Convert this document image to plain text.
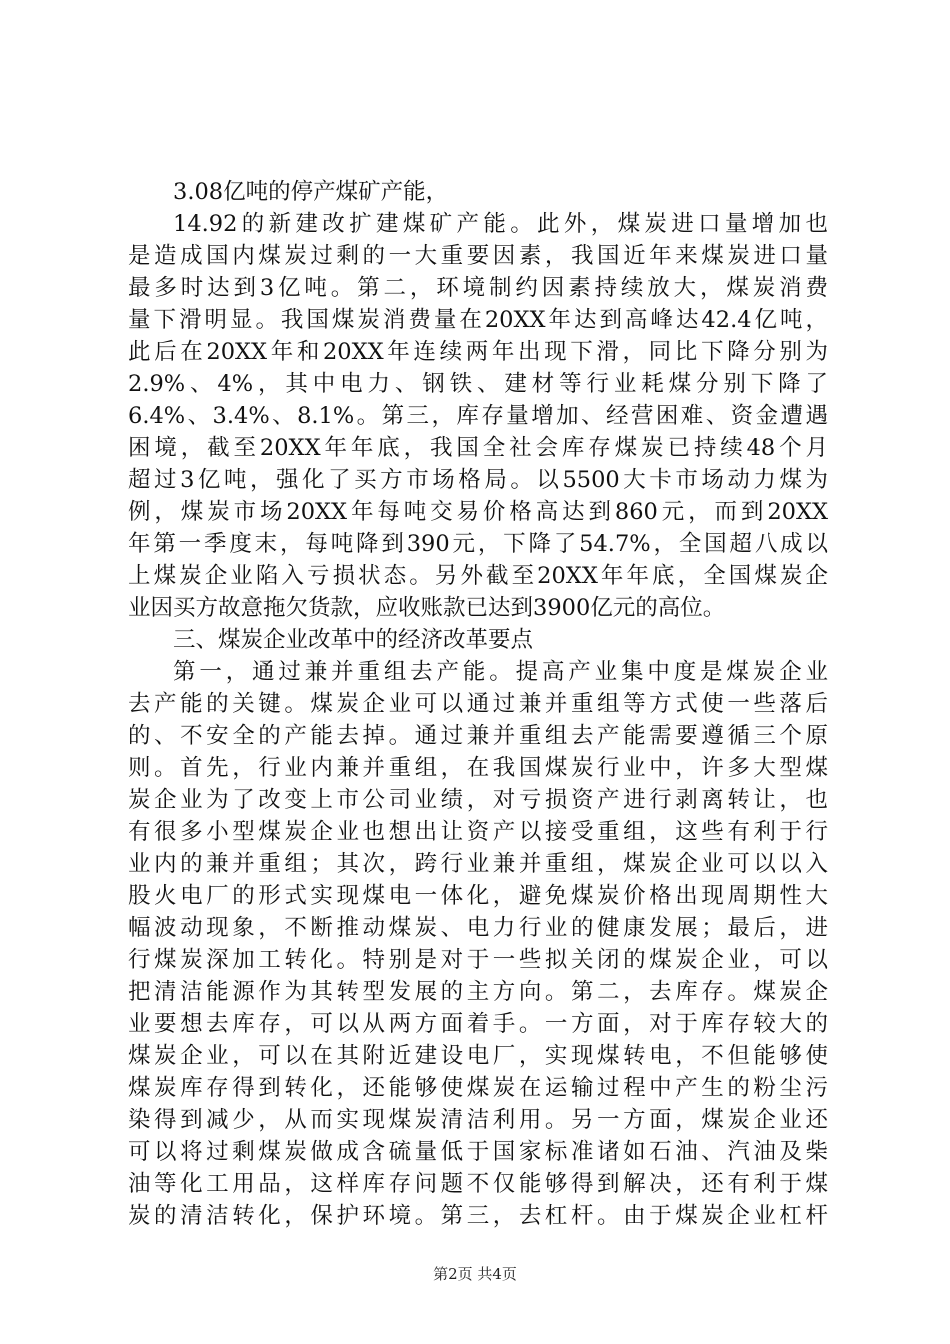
3.08亿吨的停产煤矿产能，
14.92的新建改扩建煤矿产能。此外，煤炭进口量增加也
是造成国内煤炭过剩的一大重要因素，我国近年来煤炭进口量
最多时达到3亿吨。第二，环境制约因素持续放大，煤炭消费
量下滑明显。我国煤炭消费量在20XX年达到高峰达42.4亿吨，
此后在20XX年和20XX年连续两年出现下滑，同比下降分别为
2.9%、4%，其中电力、钢铁、建材等行业耗煤分别下降了
6.4%、3.4%、8.1%。第三，库存量增加、经营困难、资金遭遇
困境，截至20XX年年底，我国全社会库存煤炭已持续48个月
超过3亿吨，强化了买方市场格局。以5500大卡市场动力煤为
例，煤炭市场20XX年每吨交易价格高达到860元，而到20XX
年第一季度末，每吨降到390元，下降了54.7%，全国超八成以
上煤炭企业陷入亏损状态。另外截至20XX年年底，全国煤炭企
业因买方故意拖欠货款，应收账款已达到3900亿元的高位。
三、煤炭企业改革中的经济改革要点
第一，通过兼并重组去产能。提高产业集中度是煤炭企业
去产能的关键。煤炭企业可以通过兼并重组等方式使一些落后
的、不安全的产能去掉。通过兼并重组去产能需要遵循三个原
则。首先，行业内兼并重组，在我国煤炭行业中，许多大型煤
炭企业为了改变上市公司业绩，对亏损资产进行剥离转让，也
有很多小型煤炭企业也想出让资产以接受重组，这些有利于行
业内的兼并重组；其次，跨行业兼并重组，煤炭企业可以以入
股火电厂的形式实现煤电一体化，避免煤炭价格出现周期性大
幅波动现象，不断推动煤炭、电力行业的健康发展；最后，进
行煤炭深加工转化。特别是对于一些拟关闭的煤炭企业，可以
把清洁能源作为其转型发展的主方向。第二，去库存。煤炭企
业要想去库存，可以从两方面着手。一方面，对于库存较大的
煤炭企业，可以在其附近建设电厂，实现煤转电，不但能够使
煤炭库存得到转化，还能够使煤炭在运输过程中产生的粉尘污
染得到减少，从而实现煤炭清洁利用。另一方面，煤炭企业还
可以将过剩煤炭做成含硫量低于国家标准诸如石油、汽油及柴
油等化工用品，这样库存问题不仅能够得到解决，还有利于煤
炭的清洁转化，保护环境。第三，去杠杆。由于煤炭企业杠杆
第2页 共4页
